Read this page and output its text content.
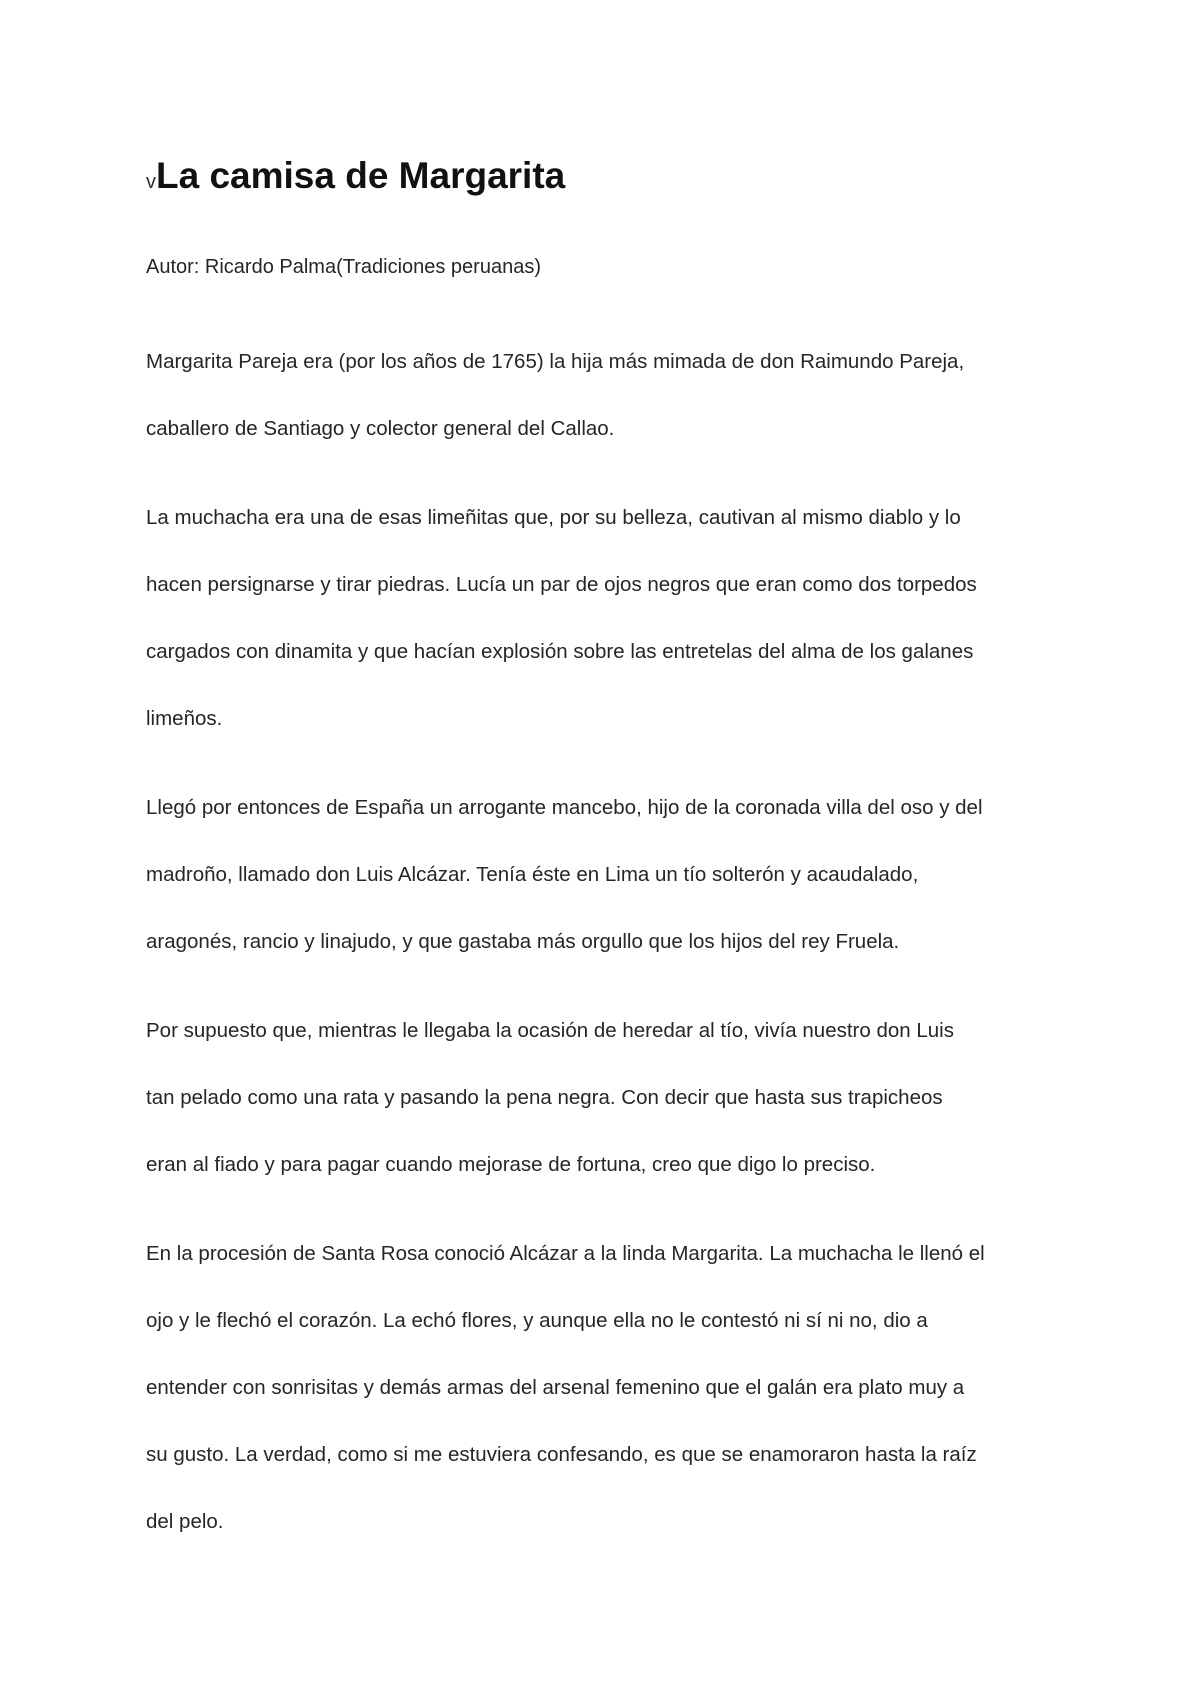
vLa camisa de Margarita

Autor: Ricardo Palma(Tradiciones peruanas)

Margarita Pareja era (por los años de 1765) la hija más mimada de don Raimundo Pareja,
caballero de Santiago y colector general del Callao.
La muchacha era una de esas limeñitas que, por su belleza, cautivan al mismo diablo y lo
hacen persignarse y tirar piedras. Lucía un par de ojos negros que eran como dos torpedos
cargados con dinamita y que hacían explosión sobre las entretelas del alma de los galanes
limeños.
Llegó por entonces de España un arrogante mancebo, hijo de la coronada villa del oso y del
madroño, llamado don Luis Alcázar. Tenía éste en Lima un tío solterón y acaudalado,
aragonés, rancio y linajudo, y que gastaba más orgullo que los hijos del rey Fruela.
Por supuesto que, mientras le llegaba la ocasión de heredar al tío, vivía nuestro don Luis
tan pelado como una rata y pasando la pena negra. Con decir que hasta sus trapicheos
eran al fiado y para pagar cuando mejorase de fortuna, creo que digo lo preciso.
En la procesión de Santa Rosa conoció Alcázar a la linda Margarita. La muchacha le llenó el
ojo y le flechó el corazón. La echó flores, y aunque ella no le contestó ni sí ni no, dio a
entender con sonrisitas y demás armas del arsenal femenino que el galán era plato muy a
su gusto. La verdad, como si me estuviera confesando, es que se enamoraron hasta la raíz
del pelo.
